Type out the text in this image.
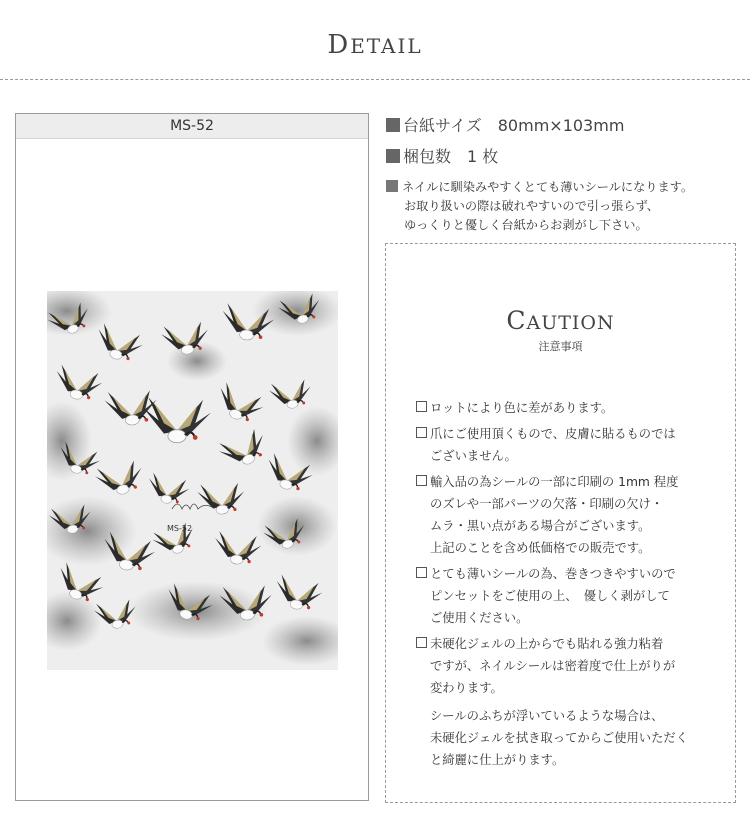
DETAIL
MS-52
MS-52
台紙サイズ　 80mm×103mm
梱包数　 1 枚
ネイルに馴染みやすくとても薄いシールになります。
お取り扱いの際は破れやすいので引っ張らず、
ゆっくりと優しく台紙からお剥がし下さい。
CAUTION
注意事項
ロットにより色に差があります。
爪にご使用頂くもので、皮膚に貼るものでは
ございません。
輸入品の為シールの一部に印刷の 1mm 程度
のズレや一部パーツの欠落・印刷の欠け・
ムラ・黒い点がある場合がございます。
上記のことを含め低価格での販売です。
とても薄いシールの為、巻きつきやすいので
ピンセットをご使用の上、　優しく剥がして
ご使用ください。
未硬化ジェルの上からでも貼れる強力粘着
ですが、ネイルシールは密着度で仕上がりが
変わります。
シールのふちが浮いているような場合は、
未硬化ジェルを拭き取ってからご使用いただく
と綺麗に仕上がります。
